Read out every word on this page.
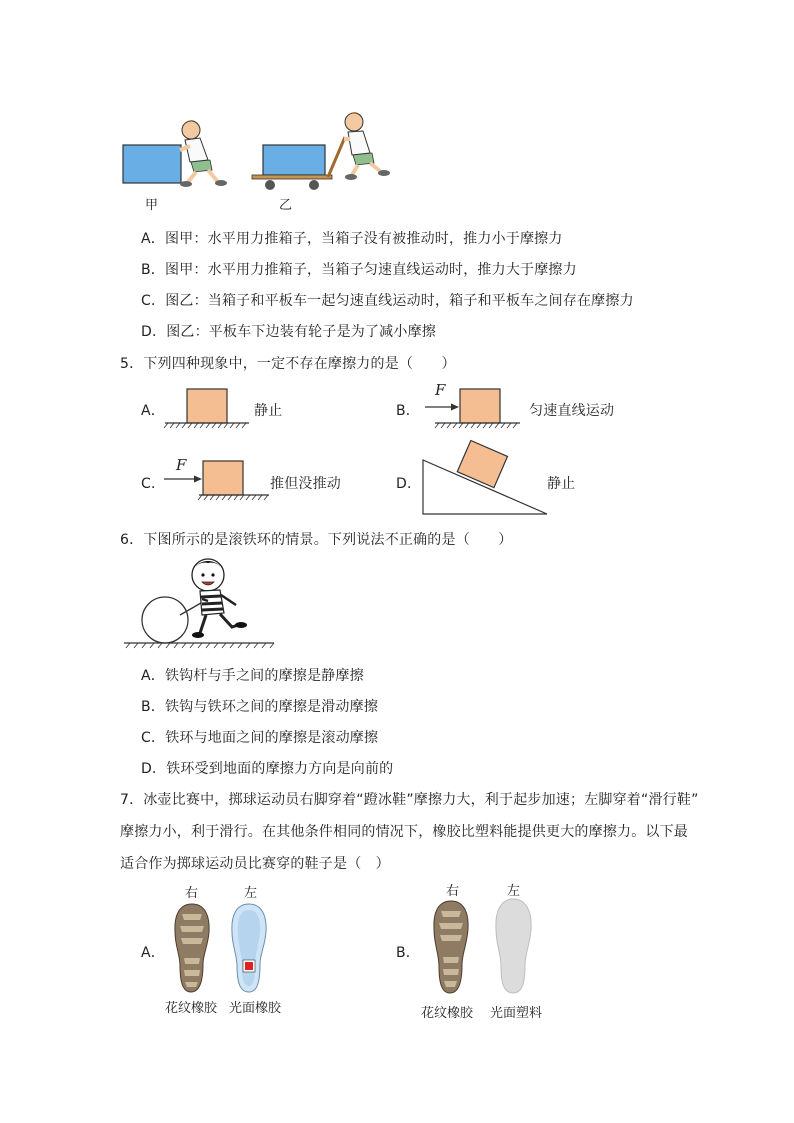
甲	乙
A．图甲：水平用力推箱子，当箱子没有被推动时，推力小于摩擦力
B．图甲：水平用力推箱子，当箱子匀速直线运动时，推力大于摩擦力
C．图乙：当箱子和平板车一起匀速直线运动时，箱子和平板车之间存在摩擦力
D．图乙：平板车下边装有轮子是为了减小摩擦
5．下列四种现象中，一定不存在摩擦力的是（　　）
A．	静止	B．
F
匀速直线运动
C．
F
推但没推动	D．	静止
6．下图所示的是滚铁环的情景。下列说法不正确的是（　　）
A．铁钩杆与手之间的摩擦是静摩擦
B．铁钩与铁环之间的摩擦是滑动摩擦
C．铁环与地面之间的摩擦是滚动摩擦
D．铁环受到地面的摩擦力方向是向前的
7．冰壶比赛中，掷球运动员右脚穿着“蹬冰鞋”摩擦力大，利于起步加速；左脚穿着“滑行鞋”
摩擦力小，利于滑行。在其他条件相同的情况下，橡胶比塑料能提供更大的摩擦力。以下最
适合作为掷球运动员比赛穿的鞋子是（　）
A．
右	左
花纹橡胶 光面橡胶
B．
右	左
花纹橡胶 光面塑料
